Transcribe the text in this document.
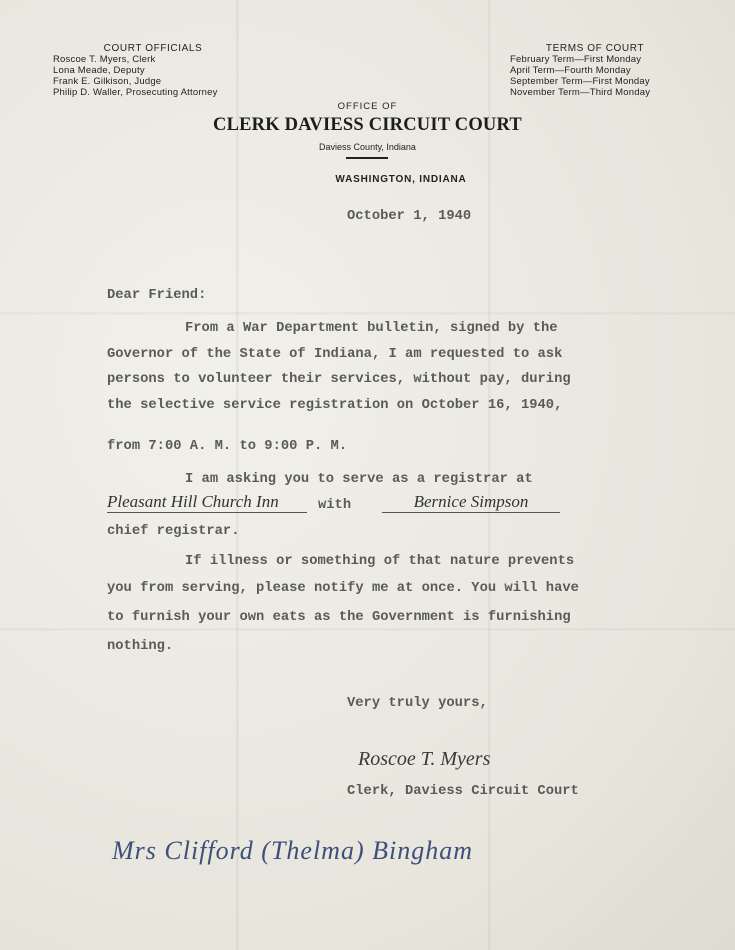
COURT OFFICIALS
Roscoe T. Myers, Clerk
Lona Meade, Deputy
Frank E. Gilkison, Judge
Philip D. Waller, Prosecuting Attorney
TERMS OF COURT
February Term—First Monday
April Term—Fourth Monday
September Term—First Monday
November Term—Third Monday
OFFICE OF
CLERK DAVIESS CIRCUIT COURT
Daviess County, Indiana
WASHINGTON, INDIANA
October 1, 1940
Dear Friend:
From a War Department bulletin, signed by the
Governor of the State of Indiana, I am requested to ask
persons to volunteer their services, without pay, during
the selective service registration on October 16, 1940,
from 7:00 A. M. to 9:00 P. M.
I am asking you to serve as a registrar at
Pleasant Hill Church Inn	with	Bernice Simpson
chief registrar.
If illness or something of that nature prevents
you from serving, please notify me at once. You will have
to furnish your own eats as the Government is furnishing
nothing.
Very truly yours,
Roscoe T. Myers
Clerk, Daviess Circuit Court
Mrs Clifford (Thelma) Bingham
